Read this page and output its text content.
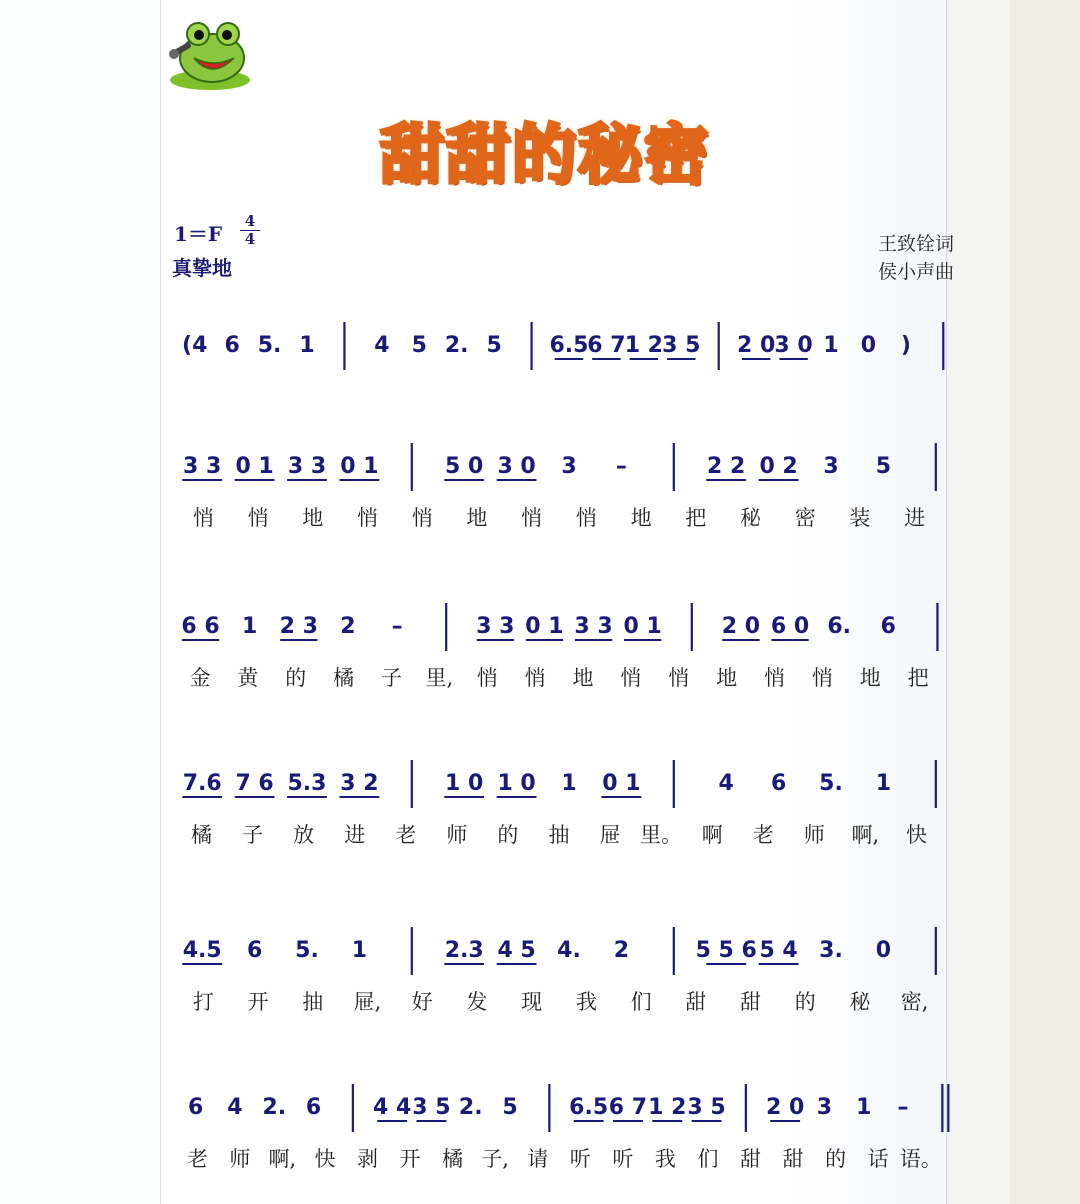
甜甜的秘密
1＝F
4
4
真挚地
王致铨词
侯小声曲
(4 6 5. 1	4 5 2. 5 6.5
6 7 1 2 3 5 2 0 3 0 1 0 )
3 3 0 1 3 3 0 1	5 0 3 0 3 –	2 2 0 2 3 5
悄 悄 地 悄 悄 地 悄 悄 地 把 秘 密 装 进
6 6 1 2 3 2 –	3 3 0 1 3 3 0 1	2 0 6 0 6. 6
金 黄 的 橘 子 里, 悄 悄 地 悄 悄 地 悄 悄 地 把
7.6 7 6 5.3 3 2	1 0 1 0 1 0 1	4 6 5. 1
橘 子 放 进 老 师 的 抽 屉 里。 啊 老 师 啊, 快
4.5 6 5. 1	2.3 4 5 4. 2	5 5 6 5 4 3. 0
打 开 抽 屉, 好 发 现 我 们 甜 甜 的 秘 密,
6 4 2. 6 4 4 3 5 2. 5 6.5 6 7 1 2 3 5 2 0 3 1 –
老 师 啊, 快 剥 开 橘 子, 请 听 听 我 们 甜 甜 的 话 语。
